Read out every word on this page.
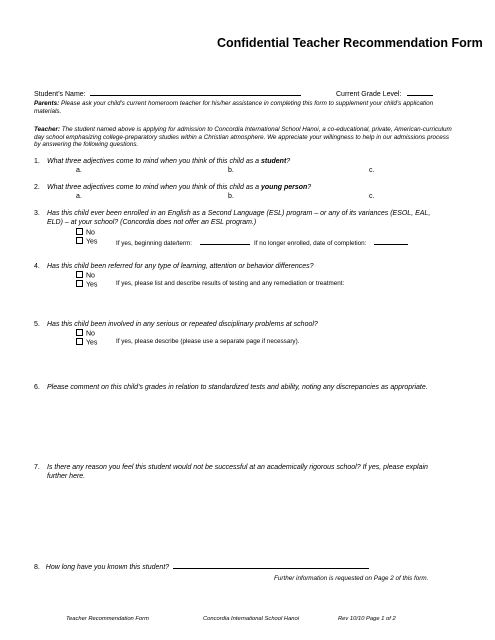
Confidential Teacher Recommendation Form
Student’s Name:	Current Grade Level:
Parents: Please ask your child’s current homeroom teacher for his/her assistance in completing this form to supplement your child’s application materials.
Teacher: The student named above is applying for admission to Concordia International School Hanoi, a co-educational, private, American-curriculum day school emphasizing college-preparatory studies within a Christian atmosphere. We appreciate your willingness to help in our admissions process by answering the following questions.
1. What three adjectives come to mind when you think of this child as a student?
a.	b.	c.
2. What three adjectives come to mind when you think of this child as a young person?
a.	b.	c.
3. Has this child ever been enrolled in an English as a Second Language (ESL) program – or any of its variances (ESOL, EAL, ELD) – at your school? (Concordia does not offer an ESL program.)
No
Yes	If yes, beginning date/term:	If no longer enrolled, date of completion:
4. Has this child been referred for any type of learning, attention or behavior differences?
No
Yes	If yes, please list and describe results of testing and any remediation or treatment:
5. Has this child been involved in any serious or repeated disciplinary problems at school?
No
Yes	If yes, please describe (please use a separate page if necessary).
6. Please comment on this child’s grades in relation to standardized tests and ability, noting any discrepancies as appropriate.
7. Is there any reason you feel this student would not be successful at an academically rigorous school? If yes, please explain further here.
8. How long have you known this student?
Further information is requested on Page 2 of this form.
Teacher Recommendation Form	Concordia International School Hanoi	Rev 10/10 Page 1 of 2
